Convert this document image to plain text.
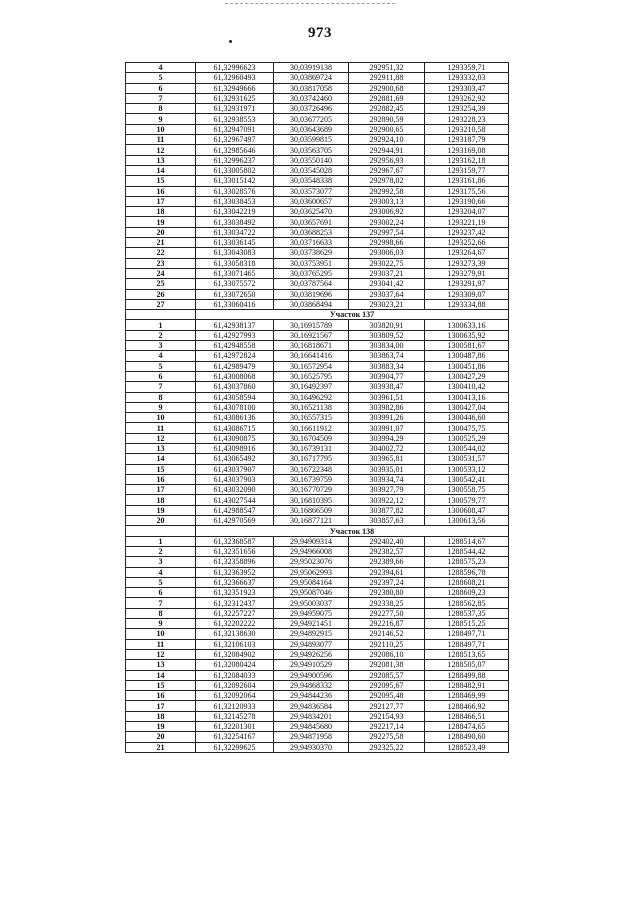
973
4	61,32996623	30,03919138	292951,32	1293359,71
5	61,32960493	30,03869724	292911,88	1293332,03
6	61,32949666	30,03817058	292900,68	1293303,47
7	61,32931625	30,03742460	292881,69	1293262,92
8	61,32931971	30,03726496	292882,45	1293254,39
9	61,32938553	30,03677205	292890,59	1293228,23
10	61,32947091	30,03643689	292900,65	1293210,58
11	61,32967497	30,03599815	292924,10	1293187,79
12	61,32985646	30,03563705	292944,91	1293169,08
13	61,32996237	30,03550140	292956,93	1293162,18
14	61,33005802	30,03545028	292967,67	1293159,77
15	61,33015142	30,03548338	292978,02	1293161,86
16	61,33028576	30,03573077	292992,58	1293175,56
17	61,33038453	30,03600657	293003,13	1293190,66
18	61,33042219	30,03625470	293006,92	1293204,07
19	61,33038492	30,03657691	293002,24	1293221,19
20	61,33034722	30,03688253	292997,54	1293237,42
21	61,33036145	30,03716633	292998,66	1293252,66
22	61,33043083	30,03738629	293006,03	1293264,67
23	61,33058318	30,03753951	293022,75	1293273,39
24	61,33071465	30,03765295	293037,21	1293279,91
25	61,33075572	30,03787564	293041,42	1293291,97
26	61,33072650	30,03819696	293037,64	1293309,07
27	61,33060416	30,03868494	293023,21	1293334,88
	Участок 137			
1	61,42938137	30,16915789	303820,91	1300633,16
2	61,42927993	30,16921567	303809,52	1300635,92
3	61,42948558	30,16818671	303834,00	1300581,67
4	61,42972824	30,16641416	303863,74	1300487,86
5	61,42989479	30,16572954	303883,34	1300451,86
6	61,43008068	30,16525795	303904,77	1300427,29
7	61,43037860	30,16492397	303938,47	1300410,42
8	61,43058594	30,16496292	303961,51	1300413,16
9	61,43078100	30,16521138	303982,86	1300427,04
10	61,43086136	30,16557315	303991,26	1300446,60
11	61,43086715	30,16611912	303991,07	1300475,75
12	61,43090875	30,16704509	303994,29	1300525,29
13	61,43098916	30,16739131	304002,72	1300544,02
14	61,43065492	30,16717795	303965,81	1300531,57
15	61,43037907	30,16722348	303935,01	1300533,12
16	61,43037903	30,16739759	303934,74	1300542,41
17	61,43032090	30,16770729	303927,79	1300558,75
18	61,43027544	30,16810395	303922,12	1300579,77
19	61,42988547	30,16866509	303877,82	1300608,47
20	61,42970569	30,16877121	303857,63	1300613,56
	Участок 138			
1	61,32368587	29,94909314	292402,40	1288514,67
2	61,32351656	29,94966008	292382,57	1288544,42
3	61,32358896	29,95023076	292389,66	1288575,23
4	61,32363952	29,95062993	292394,61	1288596,78
5	61,32366637	29,95084164	292397,24	1288608,21
6	61,32351923	29,95087046	292380,80	1288609,23
7	61,32312437	29,95003037	292338,25	1288562,85
8	61,32257227	29,94959075	292277,50	1288537,35
9	61,32202222	29,94921451	292216,87	1288515,25
10	61,32138630	29,94892915	292146,52	1288497,71
11	61,32106103	29,94893077	292110,25	1288497,71
12	61,32084902	29,94926256	292086,10	1288513,65
13	61,32080424	29,94910529	292081,38	1288505,07
14	61,32084033	29,94900596	292085,57	1288499,88
15	61,32092604	29,94868332	292095,67	1288482,91
16	61,32092064	29,94844236	292095,48	1288469,99
17	61,32120933	29,94836584	292127,77	1288466,92
18	61,32145278	29,94834201	292154,93	1288466,51
19	61,32201301	29,94845680	292217,14	1288474,65
20	61,32254167	29,94871958	292275,58	1288490,60
21	61,32299625	29,94930370	292325,22	1288523,49
